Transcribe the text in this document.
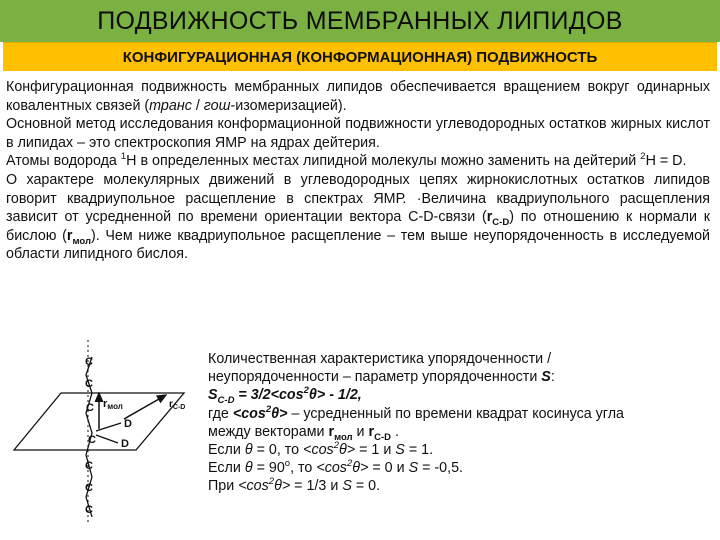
ПОДВИЖНОСТЬ МЕМБРАННЫХ ЛИПИДОВ
КОНФИГУРАЦИОННАЯ (КОНФОРМАЦИОННАЯ) ПОДВИЖНОСТЬ

Конфигурационная подвижность мембранных липидов обеспечивается вращением вокруг одинарных ковалентных связей (транс / гош-изомеризацией).

Основной метод исследования конформационной подвижности углеводородных остатков жирных кислот в липидах – это спектроскопия ЯМР на ядрах дейтерия.

Атомы водорода $^1$H в определенных местах липидной молекулы можно заменить на дейтерий $^2$H = D.

О характере молекулярных движений в углеводородных цепях жирнокислотных остатков липидов говорит квадриупольное расщепление в спектрах ЯМР. ·Величина квадриупольного расщепления зависит от усредненной по времени ориентации вектора C-D-связи $(r_{C-D})$ по отношению к нормали к бислою $(r_{мол})$. Чем ниже квадриупольное расщепление – тем выше неупорядоченность в исследуемой области липидного бислоя.

C
C
C
C
C
C
C
D
D
rмол	$r_{C-D}$
Количественная характеристика упорядоченности /
неупорядоченности – параметр упорядоченности S:
$S_{C-D} = 3/2<\cos^2\theta> - 1/2$,
где $<\cos^2\theta>$ – усредненный по времени квадрат косинуса угла
между векторами $r_{мол}$ и $r_{C-D}$ .
Если θ = 0, то $<\cos^2\theta> = 1$ и S = 1.
Если $\theta = 90^o$, то $<\cos^2\theta> = 0$ и S = -0,5.
При $<\cos^2\theta> = 1/3$ и S = 0.
